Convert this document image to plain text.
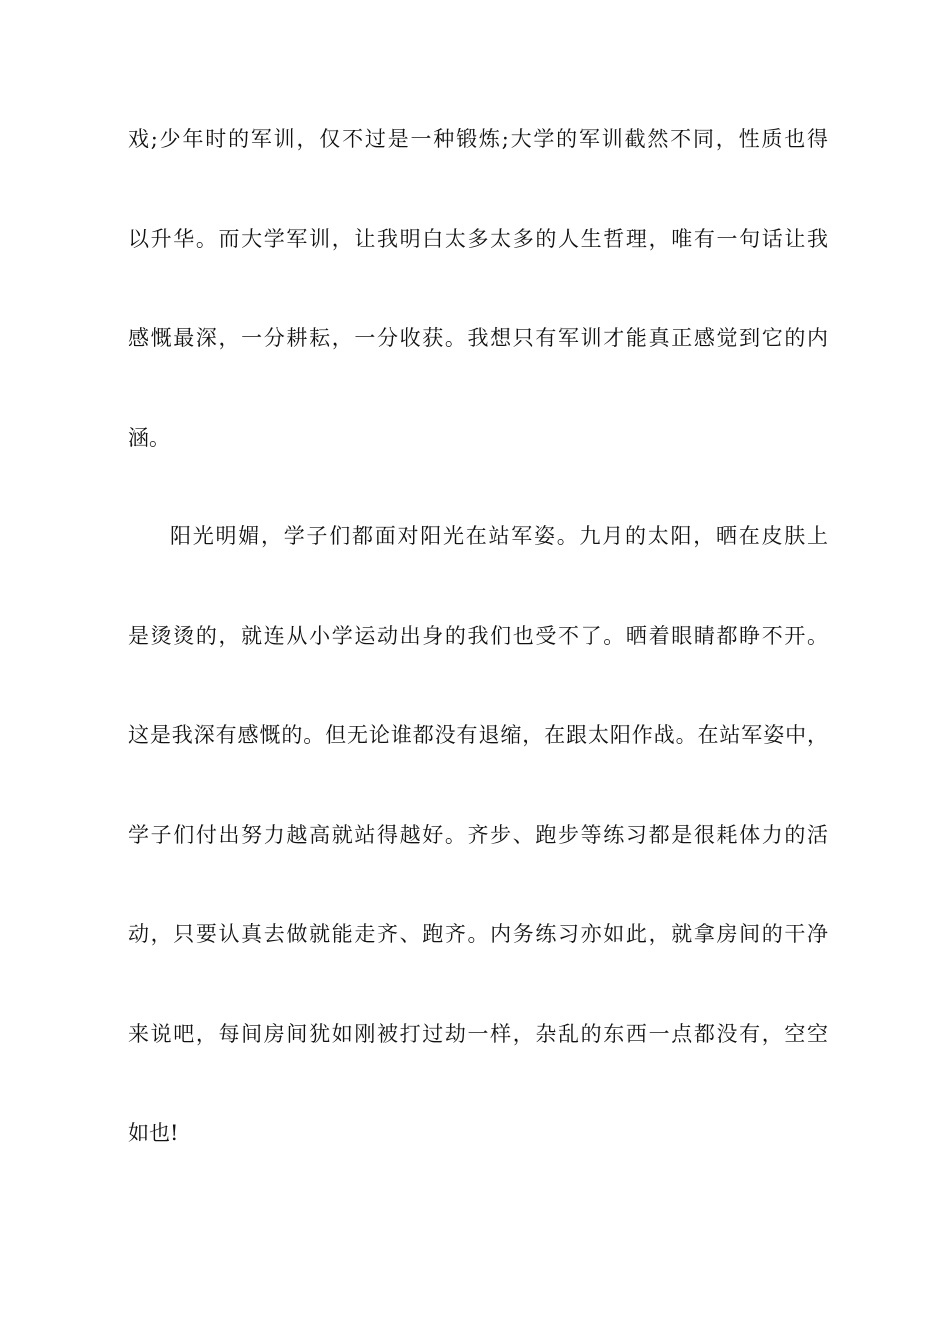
戏;少年时的军训，仅不过是一种锻炼;大学的军训截然不同，性质也得
以升华。而大学军训，让我明白太多太多的人生哲理，唯有一句话让我
感慨最深，一分耕耘，一分收获。我想只有军训才能真正感觉到它的内
涵。
阳光明媚，学子们都面对阳光在站军姿。九月的太阳，晒在皮肤上
是烫烫的，就连从小学运动出身的我们也受不了。晒着眼睛都睁不开。
这是我深有感慨的。但无论谁都没有退缩，在跟太阳作战。在站军姿中，
学子们付出努力越高就站得越好。齐步、跑步等练习都是很耗体力的活
动，只要认真去做就能走齐、跑齐。内务练习亦如此，就拿房间的干净
来说吧，每间房间犹如刚被打过劫一样，杂乱的东西一点都没有，空空
如也!
